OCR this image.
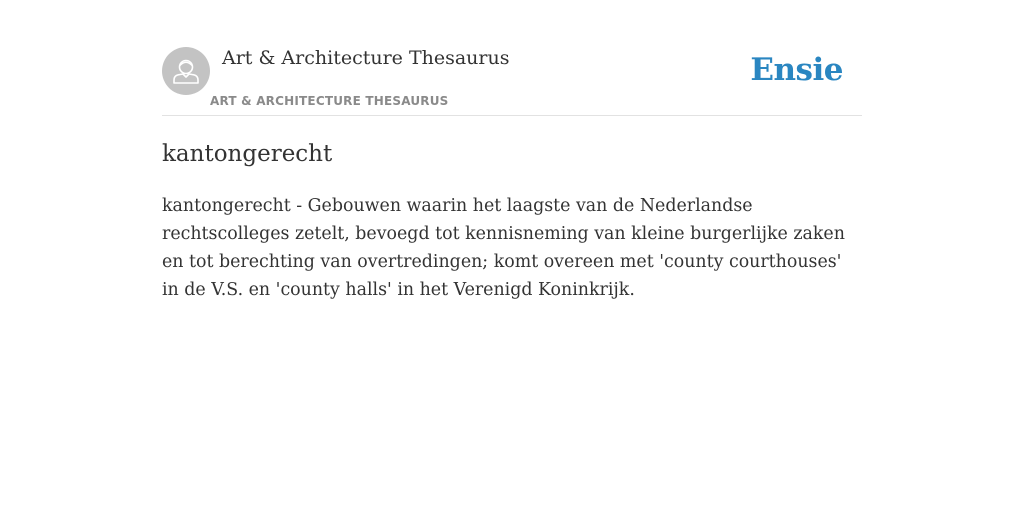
Art & Architecture Thesaurus
ART & ARCHITECTURE THESAURUS
Ensie
kantongerecht

kantongerecht - Gebouwen waarin het laagste van de Nederlandse rechtscolleges zetelt, bevoegd tot kennisneming van kleine burgerlijke zaken en tot berechting van overtredingen; komt overeen met 'county courthouses' in de V.S. en 'county halls' in het Verenigd Koninkrijk.
